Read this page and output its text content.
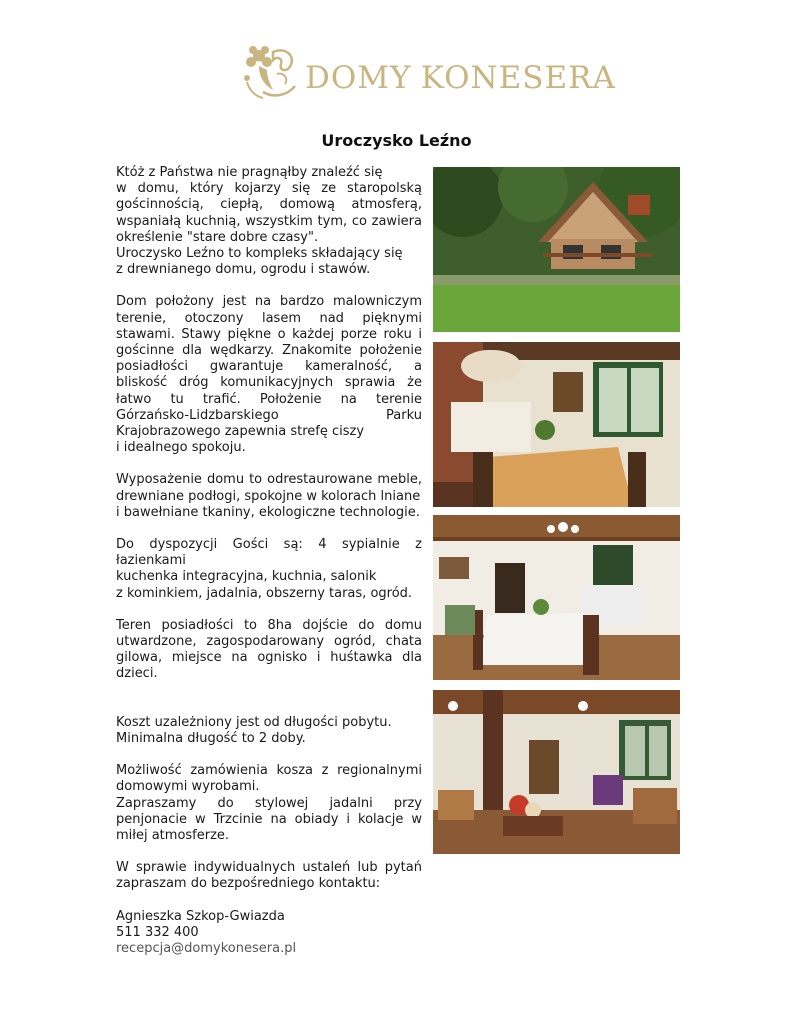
DOMY KONESERA
Uroczysko Leźno

Któż z Państwa nie pragnąłby znaleźć się
w domu, który kojarzy się ze staropolską gościnnością, ciepłą, domową atmosferą, wspaniałą kuchnią, wszystkim tym, co zawiera określenie "stare dobre czasy".
Uroczysko Leźno to kompleks składający się
z drewnianego domu, ogrodu i stawów.

Dom położony jest na bardzo malowniczym terenie, otoczony lasem nad pięknymi stawami. Stawy piękne o każdej porze roku i gościnne dla wędkarzy. Znakomite położenie posiadłości gwarantuje kameralność, a bliskość dróg komunikacyjnych sprawia że łatwo tu trafić. Położenie na terenie Górzańsko-Lidzbarskiego Parku Krajobrazowego zapewnia strefę ciszy
i idealnego spokoju.

Wyposażenie domu to odrestaurowane meble, drewniane podłogi, spokojne w kolorach lniane
i bawełniane tkaniny, ekologiczne technologie.

Do dyspozycji Gości są: 4 sypialnie z łazienkami
kuchenka integracyjna, kuchnia, salonik
z kominkiem, jadalnia, obszerny taras, ogród.

Teren posiadłości to 8ha dojście do domu utwardzone, zagospodarowany ogród, chata gilowa, miejsce na ognisko i huśtawka dla dzieci.

Koszt uzależniony jest od długości pobytu.
Minimalna długość to 2 doby.

Możliwość zamówienia kosza z regionalnymi domowymi wyrobami.
Zapraszamy do stylowej jadalni przy penjonacie w Trzcinie na obiady i kolacje w miłej atmosferze.

W sprawie indywidualnych ustaleń lub pytań zapraszam do bezpośredniego kontaktu:

Agnieszka Szkop-Gwiazda
511 332 400
recepcja@domykonesera.pl
